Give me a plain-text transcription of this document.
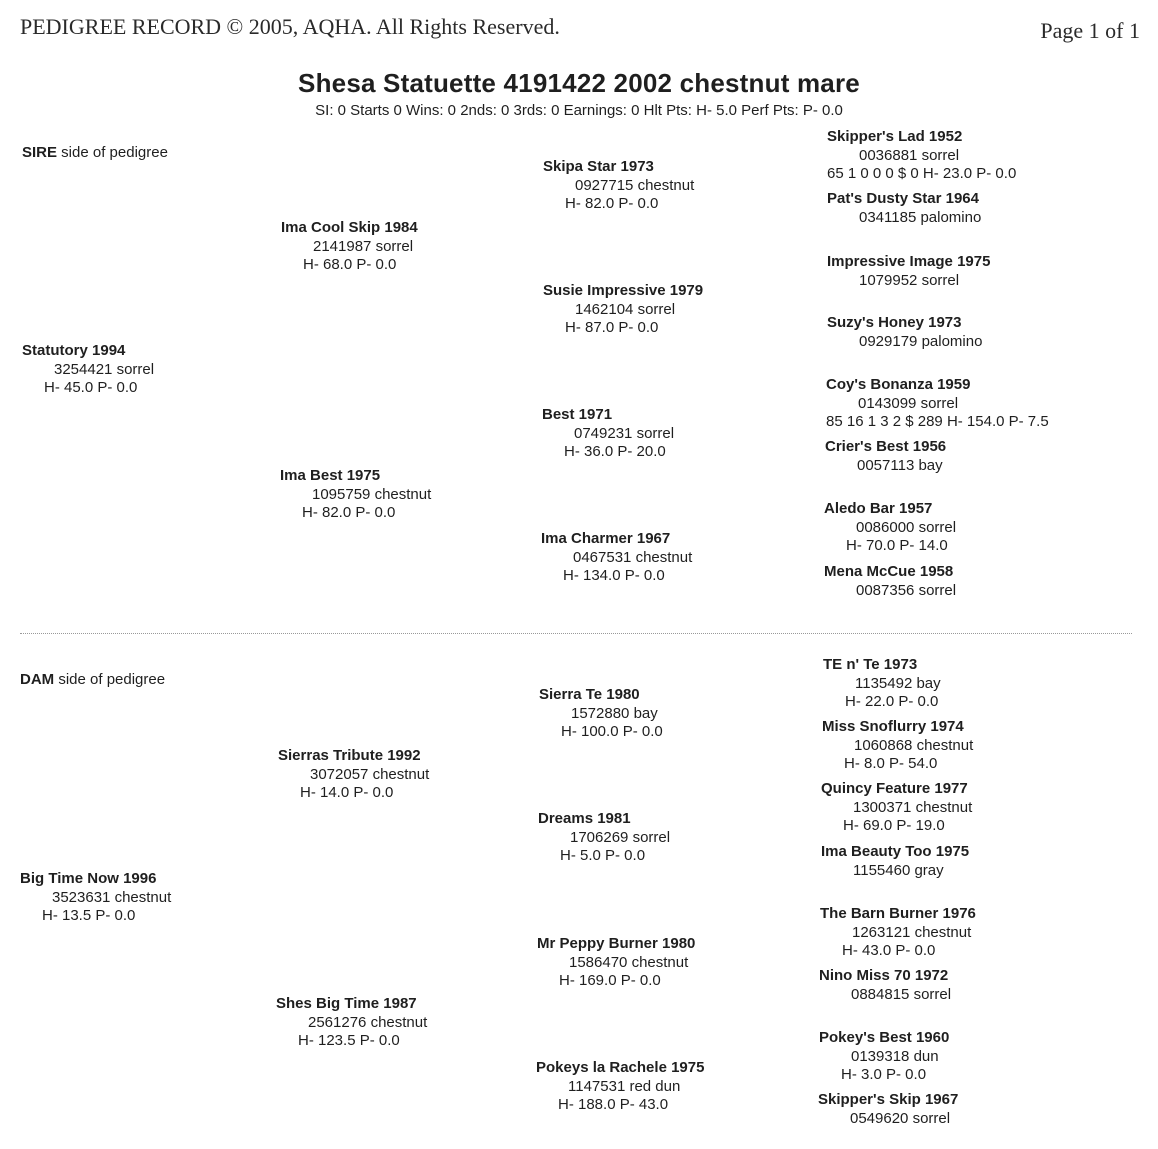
PEDIGREE RECORD © 2005, AQHA. All Rights Reserved.	Page 1 of 1
Shesa Statuette 4191422 2002 chestnut mare
SI: 0 Starts 0 Wins: 0 2nds: 0 3rds: 0 Earnings: 0 Hlt Pts: H- 5.0 Perf Pts: P- 0.0
SIRE side of pedigree
Statutory 1994
3254421 sorrel
H- 45.0 P- 0.0
Ima Cool Skip 1984
2141987 sorrel
H- 68.0 P- 0.0
Ima Best 1975
1095759 chestnut
H- 82.0 P- 0.0
Skipa Star 1973
0927715 chestnut
H- 82.0 P- 0.0
Susie Impressive 1979
1462104 sorrel
H- 87.0 P- 0.0
Best 1971
0749231 sorrel
H- 36.0 P- 20.0
Ima Charmer 1967
0467531 chestnut
H- 134.0 P- 0.0
Skipper's Lad 1952
0036881 sorrel
65 1 0 0 0 $ 0 H- 23.0 P- 0.0
Pat's Dusty Star 1964
0341185 palomino
Impressive Image 1975
1079952 sorrel
Suzy's Honey 1973
0929179 palomino
Coy's Bonanza 1959
0143099 sorrel
85 16 1 3 2 $ 289 H- 154.0 P- 7.5
Crier's Best 1956
0057113 bay
Aledo Bar 1957
0086000 sorrel
H- 70.0 P- 14.0
Mena McCue 1958
0087356 sorrel
DAM side of pedigree
Big Time Now 1996
3523631 chestnut
H- 13.5 P- 0.0
Sierras Tribute 1992
3072057 chestnut
H- 14.0 P- 0.0
Shes Big Time 1987
2561276 chestnut
H- 123.5 P- 0.0
Sierra Te 1980
1572880 bay
H- 100.0 P- 0.0
Dreams 1981
1706269 sorrel
H- 5.0 P- 0.0
Mr Peppy Burner 1980
1586470 chestnut
H- 169.0 P- 0.0
Pokeys la Rachele 1975
1147531 red dun
H- 188.0 P- 43.0
TE n' Te 1973
1135492 bay
H- 22.0 P- 0.0
Miss Snoflurry 1974
1060868 chestnut
H- 8.0 P- 54.0
Quincy Feature 1977
1300371 chestnut
H- 69.0 P- 19.0
Ima Beauty Too 1975
1155460 gray
The Barn Burner 1976
1263121 chestnut
H- 43.0 P- 0.0
Nino Miss 70 1972
0884815 sorrel
Pokey's Best 1960
0139318 dun
H- 3.0 P- 0.0
Skipper's Skip 1967
0549620 sorrel
